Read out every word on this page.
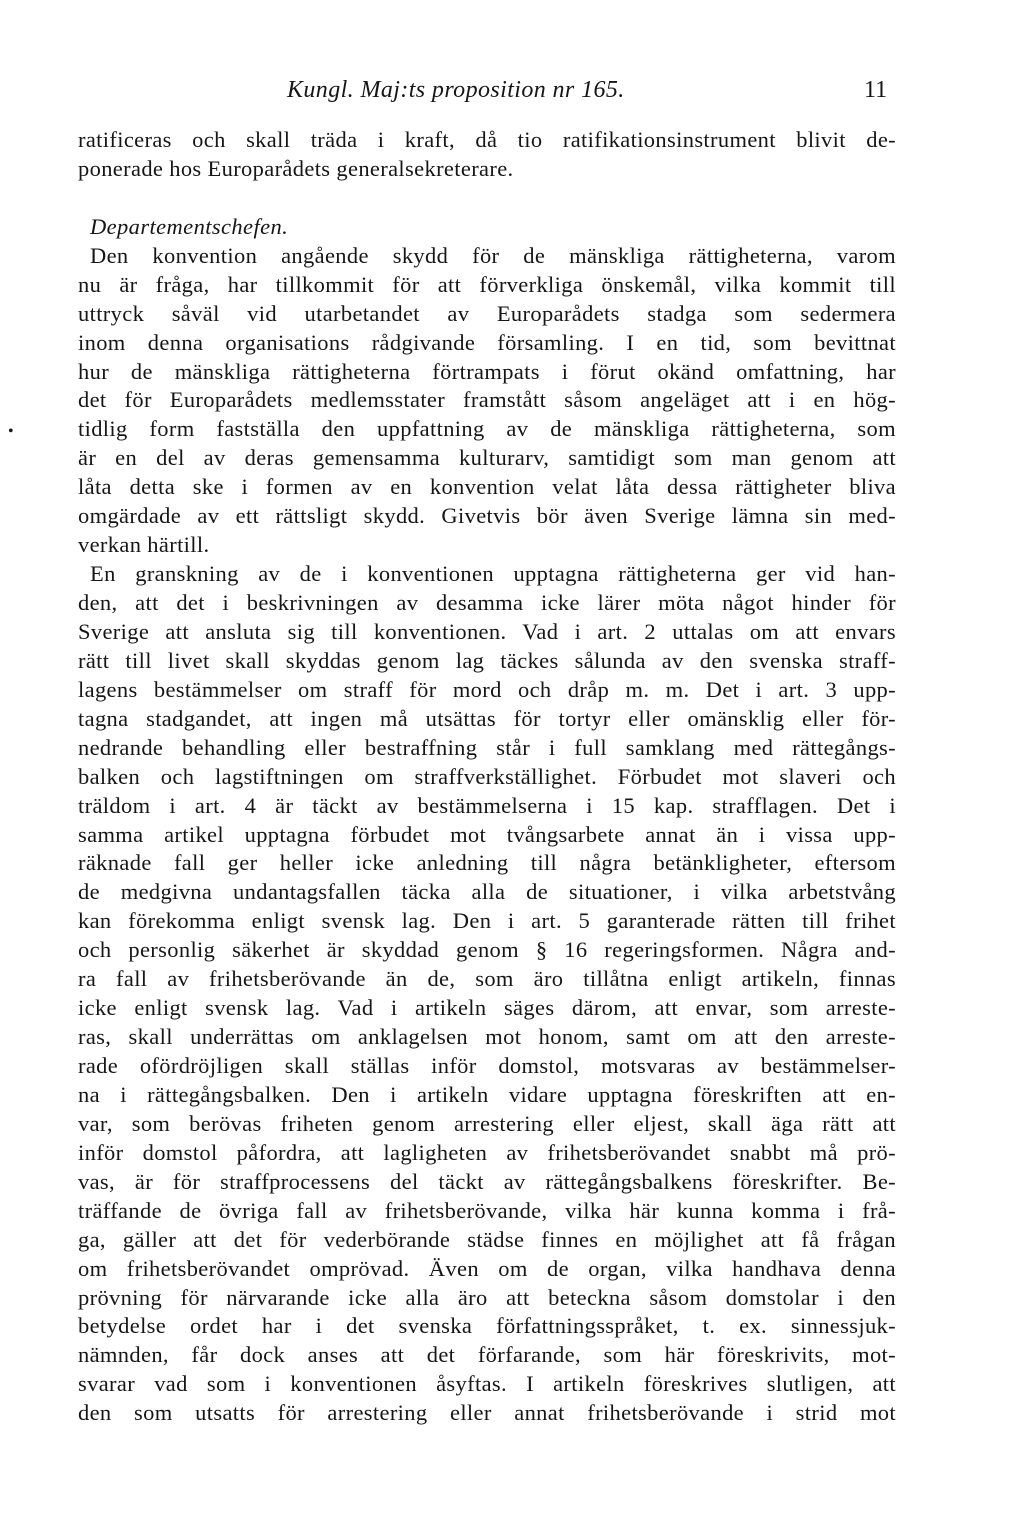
Kungl. Maj:ts proposition nr 165.	11
•
ratificeras och skall träda i kraft, då tio ratifikationsinstrument blivit de-
ponerade hos Europarådets generalsekreterare.
Departementschefen.
Den konvention angående skydd för de mänskliga rättigheterna, varom
nu är fråga, har tillkommit för att förverkliga önskemål, vilka kommit till
uttryck såväl vid utarbetandet av Europarådets stadga som sedermera
inom denna organisations rådgivande församling. I en tid, som bevittnat
hur de mänskliga rättigheterna förtrampats i förut okänd omfattning, har
det för Europarådets medlemsstater framstått såsom angeläget att i en hög-
tidlig form fastställa den uppfattning av de mänskliga rättigheterna, som
är en del av deras gemensamma kulturarv, samtidigt som man genom att
låta detta ske i formen av en konvention velat låta dessa rättigheter bliva
omgärdade av ett rättsligt skydd. Givetvis bör även Sverige lämna sin med-
verkan härtill.
En granskning av de i konventionen upptagna rättigheterna ger vid han-
den, att det i beskrivningen av desamma icke lärer möta något hinder för
Sverige att ansluta sig till konventionen. Vad i art. 2 uttalas om att envars
rätt till livet skall skyddas genom lag täckes sålunda av den svenska straff-
lagens bestämmelser om straff för mord och dråp m. m. Det i art. 3 upp-
tagna stadgandet, att ingen må utsättas för tortyr eller omänsklig eller för-
nedrande behandling eller bestraffning står i full samklang med rättegångs-
balken och lagstiftningen om straffverkställighet. Förbudet mot slaveri och
träldom i art. 4 är täckt av bestämmelserna i 15 kap. strafflagen. Det i
samma artikel upptagna förbudet mot tvångsarbete annat än i vissa upp-
räknade fall ger heller icke anledning till några betänkligheter, eftersom
de medgivna undantagsfallen täcka alla de situationer, i vilka arbetstvång
kan förekomma enligt svensk lag. Den i art. 5 garanterade rätten till frihet
och personlig säkerhet är skyddad genom § 16 regeringsformen. Några and-
ra fall av frihetsberövande än de, som äro tillåtna enligt artikeln, finnas
icke enligt svensk lag. Vad i artikeln säges därom, att envar, som arreste-
ras, skall underrättas om anklagelsen mot honom, samt om att den arreste-
rade ofördröjligen skall ställas inför domstol, motsvaras av bestämmelser-
na i rättegångsbalken. Den i artikeln vidare upptagna föreskriften att en-
var, som berövas friheten genom arrestering eller eljest, skall äga rätt att
inför domstol påfordra, att lagligheten av frihetsberövandet snabbt må prö-
vas, är för straffprocessens del täckt av rättegångsbalkens föreskrifter. Be-
träffande de övriga fall av frihetsberövande, vilka här kunna komma i frå-
ga, gäller att det för vederbörande städse finnes en möjlighet att få frågan
om frihetsberövandet omprövad. Även om de organ, vilka handhava denna
prövning för närvarande icke alla äro att beteckna såsom domstolar i den
betydelse ordet har i det svenska författningsspråket, t. ex. sinnessjuk-
nämnden, får dock anses att det förfarande, som här föreskrivits, mot-
svarar vad som i konventionen åsyftas. I artikeln föreskrives slutligen, att
den som utsatts för arrestering eller annat frihetsberövande i strid mot
